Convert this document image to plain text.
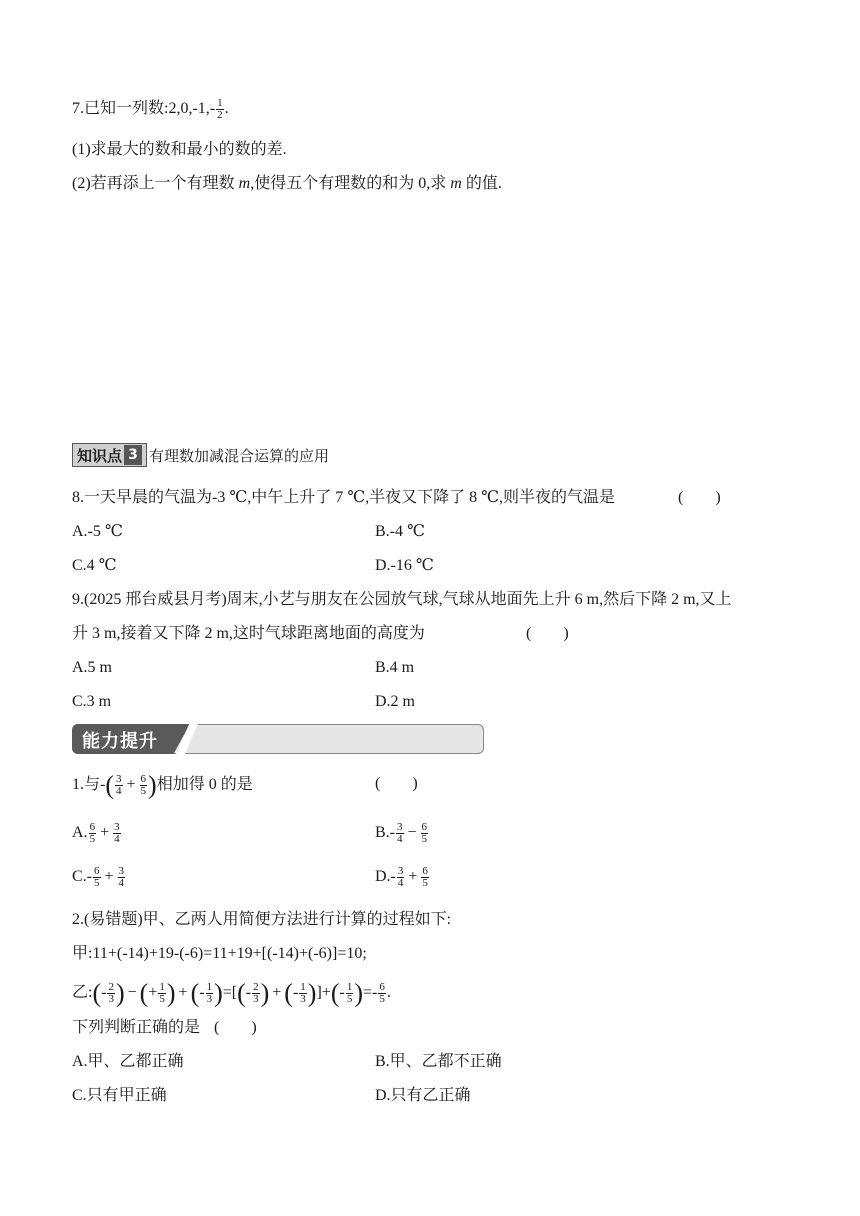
7.已知一列数:2,0,-1,- $\frac{1}{2}$ .
(1)求最大的数和最小的数的差.
(2)若再添上一个有理数 m,使得五个有理数的和为 0,求 m 的值.
知识点 3 有理数加减混合运算的应用
8.一天早晨的气温为-3 ℃,中午上升了 7 ℃,半夜又下降了 8 ℃,则半夜的气温是	(　　)
A.-5 ℃	B.-4 ℃
C.4 ℃	D.-16 ℃
9.(2025 邢台威县月考)周末,小艺与朋友在公园放气球,气球从地面先上升 6 m,然后下降 2 m,又上
升 3 m,接着又下降 2 m,这时气球距离地面的高度为	(　　)
A.5 m	B.4 m
C.3 m	D.2 m
能力提升
1.与-( $\frac{3}{4} + \frac{6}{5}$ )相加得 0 的是	(　　)
A. $\frac{6}{5} + \frac{3}{4}$	$B.- \frac{3}{4} - \frac{6}{5}$
$C.- \frac{6}{5} + \frac{3}{4}$	$D.- \frac{3}{4} + \frac{6}{5}$
2.(易错题)甲、乙两人用简便方法进行计算的过程如下:
甲:11+(-14)+19-(-6)=11+19+[(-14)+(-6)]=10;
乙:(- $\frac{2}{3}$ ) − (+ $\frac{1}{5}$ ) + (- $\frac{1}{3}$ )=[(- $\frac{2}{3}$ ) + (- $\frac{1}{3}$ )]+(- $\frac{1}{5}$ )=- $\frac{6}{5}$ .
下列判断正确的是 (　　)
A.甲、乙都正确	B.甲、乙都不正确
C.只有甲正确	D.只有乙正确
